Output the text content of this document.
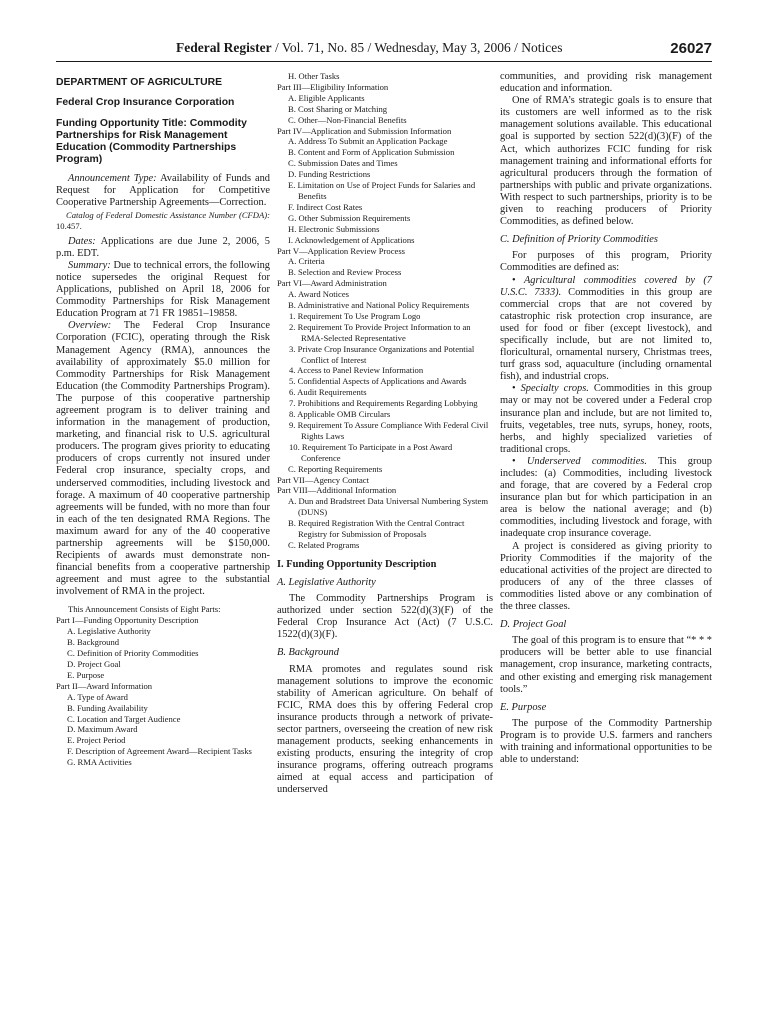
Federal Register / Vol. 71, No. 85 / Wednesday, May 3, 2006 / Notices	26027
DEPARTMENT OF AGRICULTURE
Federal Crop Insurance Corporation
Funding Opportunity Title: Commodity Partnerships for Risk Management Education (Commodity Partnerships Program)

Announcement Type: Availability of Funds and Request for Application for Competitive Cooperative Partnership Agreements—Correction.

Catalog of Federal Domestic Assistance Number (CFDA): 10.457.

Dates: Applications are due June 2, 2006, 5 p.m. EDT.

Summary: Due to technical errors, the following notice supersedes the original Request for Applications, published on April 18, 2006 for Commodity Partnerships for Risk Management Education Program at 71 FR 19851–19858.

Overview: The Federal Crop Insurance Corporation (FCIC), operating through the Risk Management Agency (RMA), announces the availability of approximately $5.0 million for Commodity Partnerships for Risk Management Education (the Commodity Partnerships Program). The purpose of this cooperative partnership agreement program is to deliver training and information in the management of production, marketing, and financial risk to U.S. agricultural producers. The program gives priority to educating producers of crops currently not insured under Federal crop insurance, specialty crops, and underserved commodities, including livestock and forage. A maximum of 40 cooperative partnership agreements will be funded, with no more than four in each of the ten designated RMA Regions. The maximum award for any of the 40 cooperative partnership agreements will be $150,000. Recipients of awards must demonstrate non-financial benefits from a cooperative partnership agreement and must agree to the substantial involvement of RMA in the project.

This Announcement Consists of Eight Parts:
Part I—Funding Opportunity Description
A. Legislative Authority
B. Background
C. Definition of Priority Commodities
D. Project Goal
E. Purpose
Part II—Award Information
A. Type of Award
B. Funding Availability
C. Location and Target Audience
D. Maximum Award
E. Project Period
F. Description of Agreement Award—Recipient Tasks
G. RMA Activities
H. Other Tasks
Part III—Eligibility Information
A. Eligible Applicants
B. Cost Sharing or Matching
C. Other—Non-Financial Benefits
Part IV—Application and Submission Information
A. Address To Submit an Application Package
B. Content and Form of Application Submission
C. Submission Dates and Times
D. Funding Restrictions
E. Limitation on Use of Project Funds for Salaries and Benefits
F. Indirect Cost Rates
G. Other Submission Requirements
H. Electronic Submissions
I. Acknowledgement of Applications
Part V—Application Review Process
A. Criteria
B. Selection and Review Process
Part VI—Award Administration
A. Award Notices
B. Administrative and National Policy Requirements
1. Requirement To Use Program Logo
2. Requirement To Provide Project Information to an RMA-Selected Representative
3. Private Crop Insurance Organizations and Potential Conflict of Interest
4. Access to Panel Review Information
5. Confidential Aspects of Applications and Awards
6. Audit Requirements
7. Prohibitions and Requirements Regarding Lobbying
8. Applicable OMB Circulars
9. Requirement To Assure Compliance With Federal Civil Rights Laws
10. Requirement To Participate in a Post Award Conference
C. Reporting Requirements
Part VII—Agency Contact
Part VIII—Additional Information
A. Dun and Bradstreet Data Universal Numbering System (DUNS)
B. Required Registration With the Central Contract Registry for Submission of Proposals
C. Related Programs
I. Funding Opportunity Description
A. Legislative Authority

The Commodity Partnerships Program is authorized under section 522(d)(3)(F) of the Federal Crop Insurance Act (Act) (7 U.S.C. 1522(d)(3)(F).

B. Background

RMA promotes and regulates sound risk management solutions to improve the economic stability of American agriculture. On behalf of FCIC, RMA does this by offering Federal crop insurance products through a network of private-sector partners, overseeing the creation of new risk management products, seeking enhancements in existing products, ensuring the integrity of crop insurance programs, offering outreach programs aimed at equal access and participation of underserved

communities, and providing risk management education and information.

One of RMA’s strategic goals is to ensure that its customers are well informed as to the risk management solutions available. This educational goal is supported by section 522(d)(3)(F) of the Act, which authorizes FCIC funding for risk management training and informational efforts for agricultural producers through the formation of partnerships with public and private organizations. With respect to such partnerships, priority is to be given to reaching producers of Priority Commodities, as defined below.

C. Definition of Priority Commodities

For purposes of this program, Priority Commodities are defined as:

• Agricultural commodities covered by (7 U.S.C. 7333). Commodities in this group are commercial crops that are not covered by catastrophic risk protection crop insurance, are used for food or fiber (except livestock), and specifically include, but are not limited to, floricultural, ornamental nursery, Christmas trees, turf grass sod, aquaculture (including ornamental fish), and industrial crops.

• Specialty crops. Commodities in this group may or may not be covered under a Federal crop insurance plan and include, but are not limited to, fruits, vegetables, tree nuts, syrups, honey, roots, herbs, and highly specialized varieties of traditional crops.

• Underserved commodities. This group includes: (a) Commodities, including livestock and forage, that are covered by a Federal crop insurance plan but for which participation in an area is below the national average; and (b) commodities, including livestock and forage, with inadequate crop insurance coverage.

A project is considered as giving priority to Priority Commodities if the majority of the educational activities of the project are directed to producers of any of the three classes of commodities listed above or any combination of the three classes.

D. Project Goal

The goal of this program is to ensure that “* * * producers will be better able to use financial management, crop insurance, marketing contracts, and other existing and emerging risk management tools.”

E. Purpose

The purpose of the Commodity Partnership Program is to provide U.S. farmers and ranchers with training and informational opportunities to be able to understand:
